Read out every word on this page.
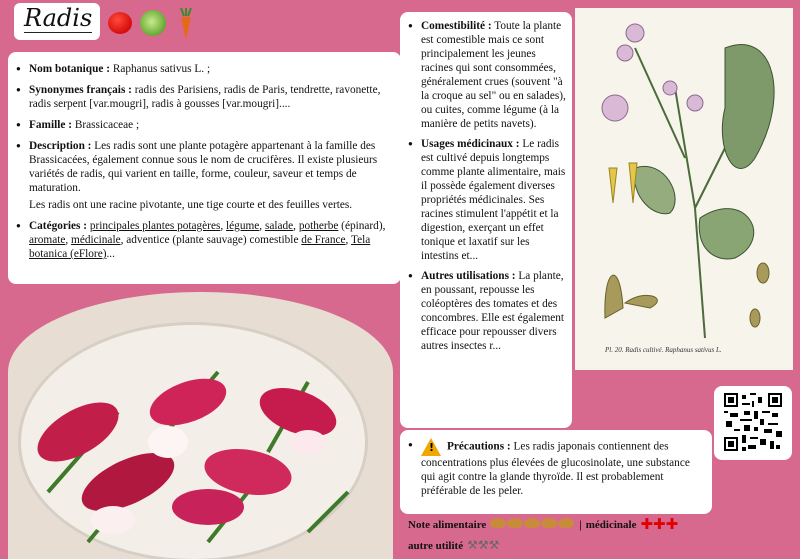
Radis
● Nom botanique : Raphanus sativus L. ;
● Synonymes français : radis des Parisiens, radis de Paris, tendrette, ravonette, radis serpent [var.mougri], radis à gousses [var.mougri]....
● Famille : Brassicaceae ;
● Description : Les radis sont une plante potagère appartenant à la famille des Brassicacées, également connue sous le nom de crucifères. Il existe plusieurs variétés de radis, qui varient en taille, forme, couleur, saveur et temps de maturation.

Les radis ont une racine pivotante, une tige courte et des feuilles vertes.

● Catégories : principales plantes potagères, légume, salade, potherbe (épinard), aromate, médicinale, adventice (plante sauvage) comestible de France, Tela botanica (eFlore)...
● Comestibilité : Toute la plante est comestible mais ce sont principalement les jeunes racines qui sont consommées, généralement crues (souvent "à la croque au sel" ou en salades), ou cuites, comme légume (à la manière de petits navets).
● Usages médicinaux : Le radis est cultivé depuis longtemps comme plante alimentaire, mais il possède également diverses propriétés médicinales. Ses racines stimulent l'appétit et la digestion, exerçant un effet tonique et laxatif sur les intestins et...
● Autres utilisations : La plante, en poussant, repousse les coléoptères des tomates et des concombres. Elle est également efficace pour repousser divers autres insectes r...	Pl. 20. Radis cultivé. Raphanus sativus L.
!● Précautions : Les radis japonais contiennent des concentrations plus élevées de glucosinolate, une substance qui agit contre la glande thyroïde. Il est probablement préférable de les peler.
Note alimentaire	| médicinale ✚✚✚
autre utilité ⚒⚒⚒
